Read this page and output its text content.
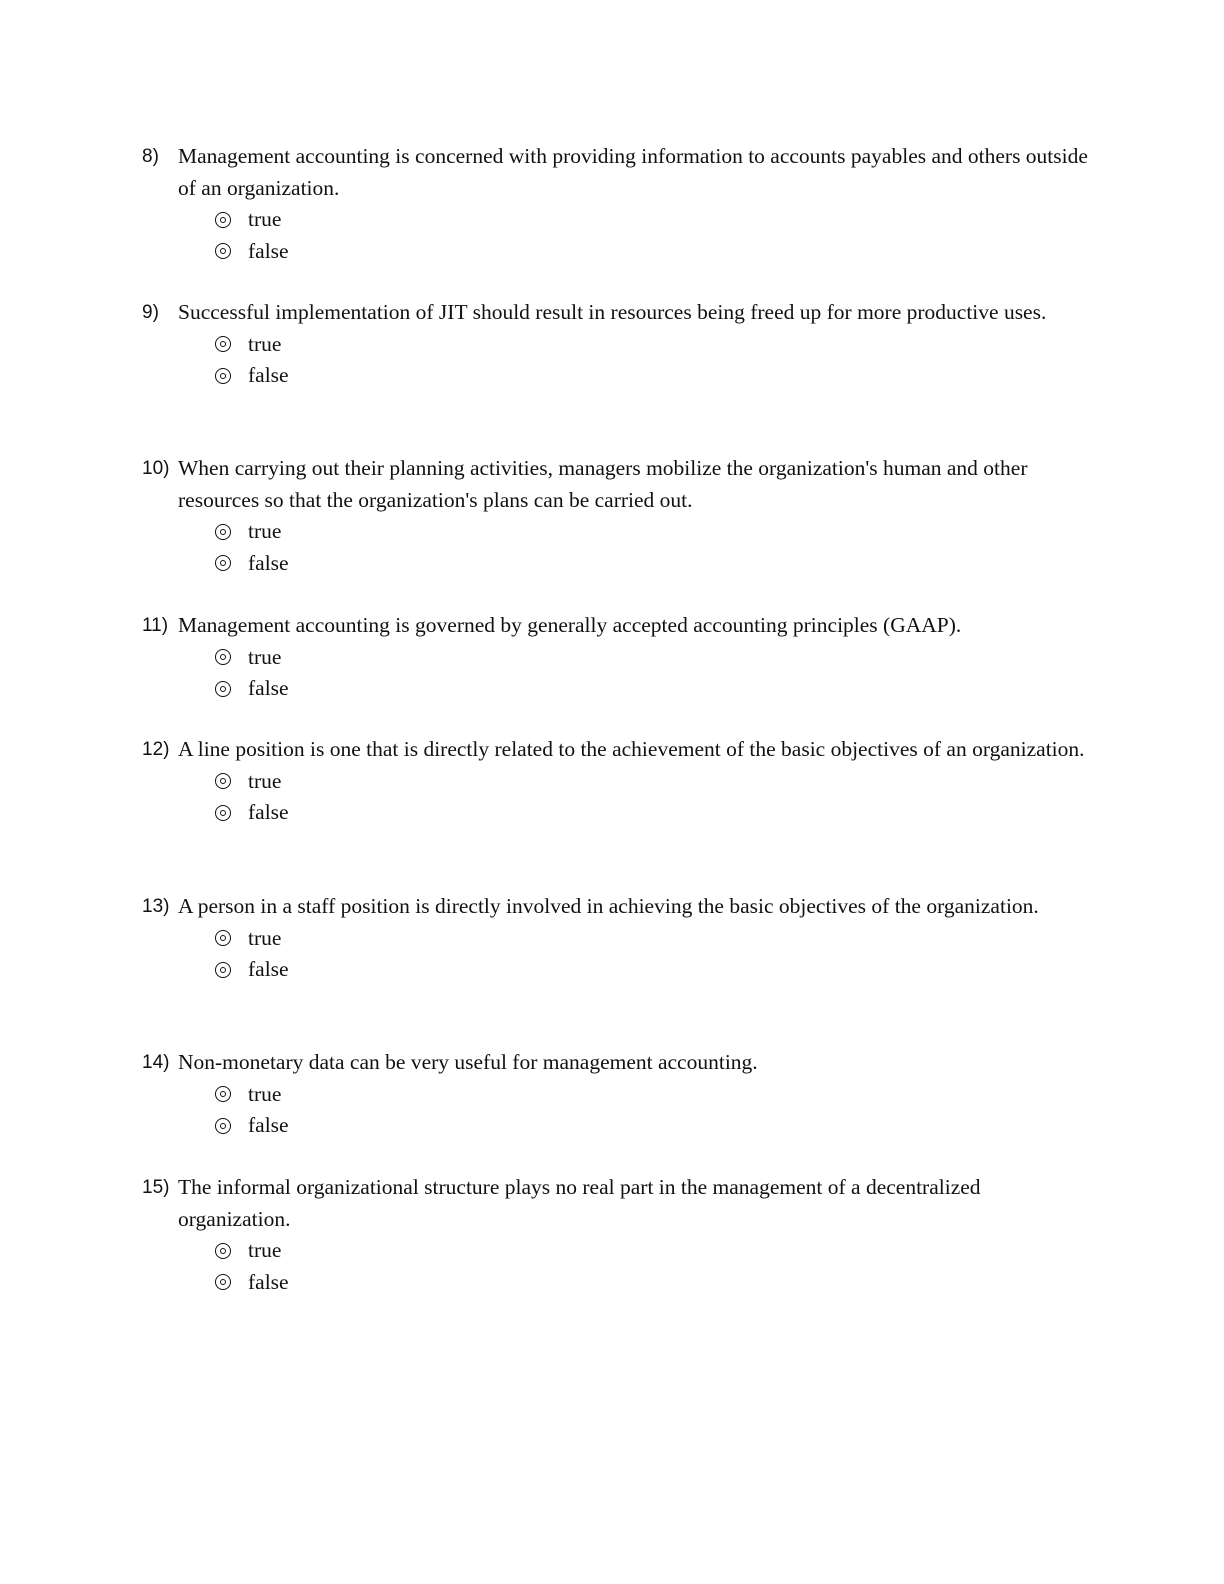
8) Management accounting is concerned with providing information to accounts payables and others outside of an organization.
true
false
9) Successful implementation of JIT should result in resources being freed up for more productive uses.
true
false
10) When carrying out their planning activities, managers mobilize the organization's human and other resources so that the organization's plans can be carried out.
true
false
11) Management accounting is governed by generally accepted accounting principles (GAAP).
true
false
12) A line position is one that is directly related to the achievement of the basic objectives of an organization.
true
false
13) A person in a staff position is directly involved in achieving the basic objectives of the organization.
true
false
14) Non-monetary data can be very useful for management accounting.
true
false
15) The informal organizational structure plays no real part in the management of a decentralized organization.
true
false
